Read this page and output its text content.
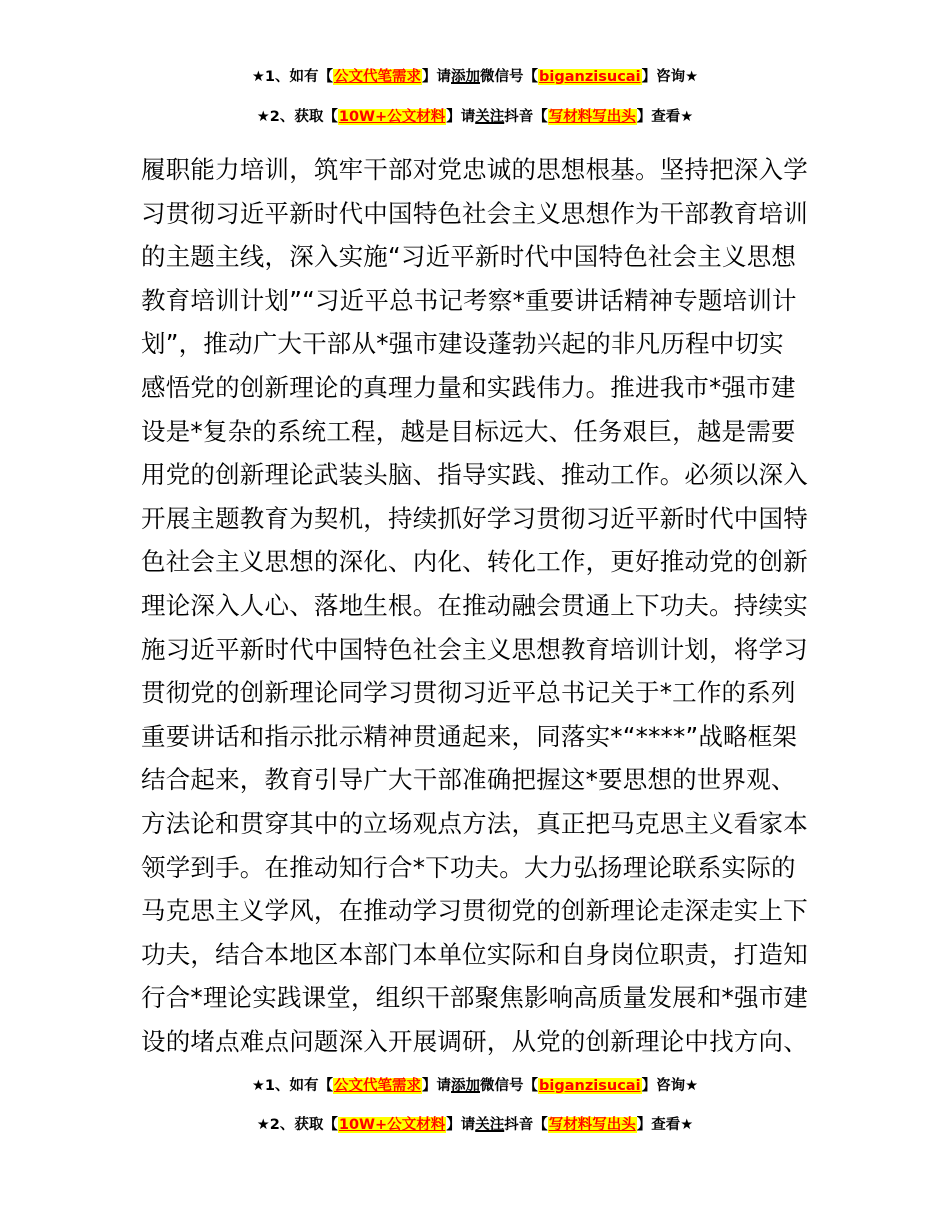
★1、如有【公文代笔需求】请添加微信号【biganzisucai】咨询★
★2、获取【10W+公文材料】请关注抖音【写材料写出头】查看★
履职能力培训，筑牢干部对党忠诚的思想根基。坚持把深入学
习贯彻习近平新时代中国特色社会主义思想作为干部教育培训
的主题主线，深入实施“习近平新时代中国特色社会主义思想
教育培训计划”“习近平总书记考察*重要讲话精神专题培训计
划”，推动广大干部从*强市建设蓬勃兴起的非凡历程中切实
感悟党的创新理论的真理力量和实践伟力。推进我市*强市建
设是*复杂的系统工程，越是目标远大、任务艰巨，越是需要
用党的创新理论武装头脑、指导实践、推动工作。必须以深入
开展主题教育为契机，持续抓好学习贯彻习近平新时代中国特
色社会主义思想的深化、内化、转化工作，更好推动党的创新
理论深入人心、落地生根。在推动融会贯通上下功夫。持续实
施习近平新时代中国特色社会主义思想教育培训计划，将学习
贯彻党的创新理论同学习贯彻习近平总书记关于*工作的系列
重要讲话和指示批示精神贯通起来，同落实*“****”战略框架
结合起来，教育引导广大干部准确把握这*要思想的世界观、
方法论和贯穿其中的立场观点方法，真正把马克思主义看家本
领学到手。在推动知行合*下功夫。大力弘扬理论联系实际的
马克思主义学风，在推动学习贯彻党的创新理论走深走实上下
功夫，结合本地区本部门本单位实际和自身岗位职责，打造知
行合*理论实践课堂，组织干部聚焦影响高质量发展和*强市建
设的堵点难点问题深入开展调研，从党的创新理论中找方向、
★1、如有【公文代笔需求】请添加微信号【biganzisucai】咨询★
★2、获取【10W+公文材料】请关注抖音【写材料写出头】查看★
